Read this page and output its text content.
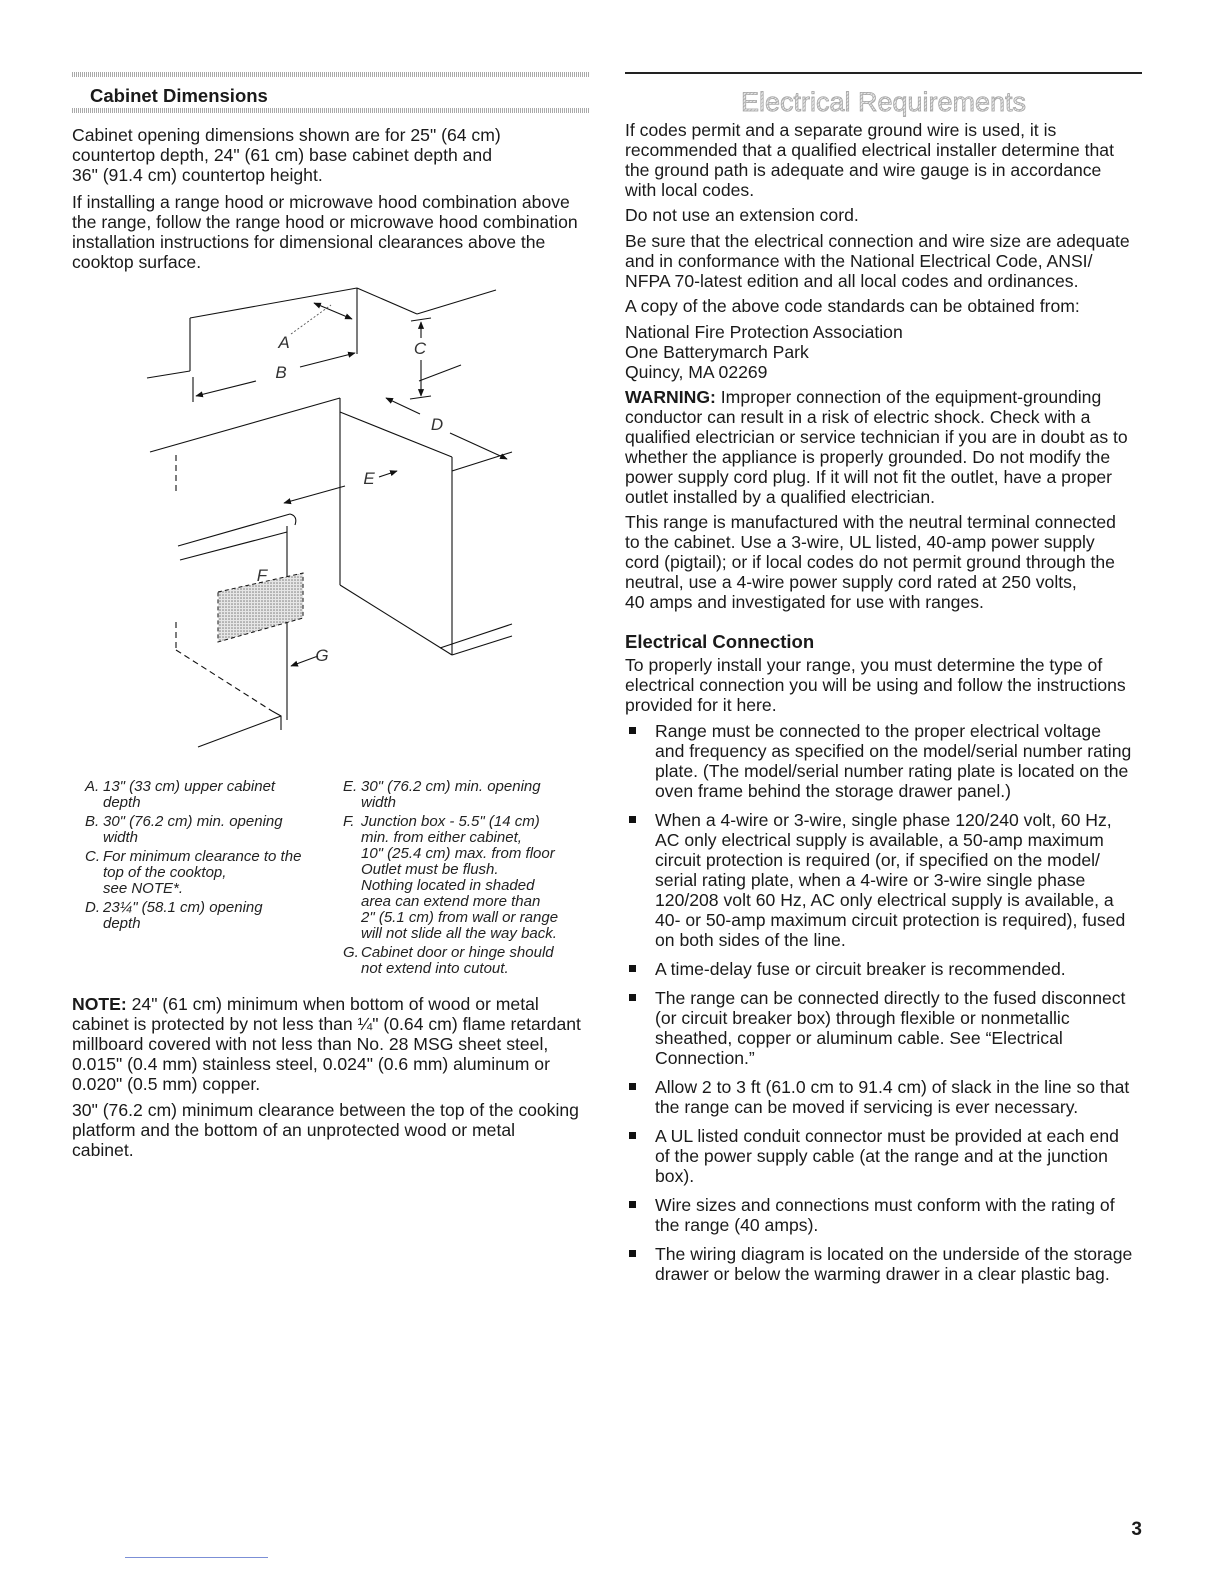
Cabinet Dimensions
Cabinet opening dimensions shown are for 25" (64 cm)
countertop depth, 24" (61 cm) base cabinet depth and
36" (91.4 cm) countertop height.
If installing a range hood or microwave hood combination above
the range, follow the range hood or microwave hood combination
installation instructions for dimensional clearances above the
cooktop surface.
A
B
C
D
E
F
G
A. 13" (33 cm) upper cabinet
depth
B. 30" (76.2 cm) min. opening
width
C. For minimum clearance to the
top of the cooktop,
see NOTE*.
D. 23¼" (58.1 cm) opening
depth
E. 30" (76.2 cm) min. opening
width
F. Junction box - 5.5" (14 cm)
min. from either cabinet,
10" (25.4 cm) max. from floor
Outlet must be flush.
Nothing located in shaded
area can extend more than
2" (5.1 cm) from wall or range
will not slide all the way back.
G. Cabinet door or hinge should
not extend into cutout.
NOTE: 24" (61 cm) minimum when bottom of wood or metal
cabinet is protected by not less than ¼" (0.64 cm) flame retardant
millboard covered with not less than No. 28 MSG sheet steel,
0.015" (0.4 mm) stainless steel, 0.024" (0.6 mm) aluminum or
0.020" (0.5 mm) copper.
30" (76.2 cm) minimum clearance between the top of the cooking
platform and the bottom of an unprotected wood or metal
cabinet.
Electrical Requirements
If codes permit and a separate ground wire is used, it is
recommended that a qualified electrical installer determine that
the ground path is adequate and wire gauge is in accordance
with local codes.
Do not use an extension cord.
Be sure that the electrical connection and wire size are adequate
and in conformance with the National Electrical Code, ANSI/
NFPA 70-latest edition and all local codes and ordinances.
A copy of the above code standards can be obtained from:
National Fire Protection Association
One Batterymarch Park
Quincy, MA 02269
WARNING: Improper connection of the equipment-grounding
conductor can result in a risk of electric shock. Check with a
qualified electrician or service technician if you are in doubt as to
whether the appliance is properly grounded. Do not modify the
power supply cord plug. If it will not fit the outlet, have a proper
outlet installed by a qualified electrician.
This range is manufactured with the neutral terminal connected
to the cabinet. Use a 3-wire, UL listed, 40-amp power supply
cord (pigtail); or if local codes do not permit ground through the
neutral, use a 4-wire power supply cord rated at 250 volts,
40 amps and investigated for use with ranges.
Electrical Connection
To properly install your range, you must determine the type of
electrical connection you will be using and follow the instructions
provided for it here.
Range must be connected to the proper electrical voltage
and frequency as specified on the model/serial number rating
plate. (The model/serial number rating plate is located on the
oven frame behind the storage drawer panel.)
When a 4-wire or 3-wire, single phase 120/240 volt, 60 Hz,
AC only electrical supply is available, a 50-amp maximum
circuit protection is required (or, if specified on the model/
serial rating plate, when a 4-wire or 3-wire single phase
120/208 volt 60 Hz, AC only electrical supply is available, a
40- or 50-amp maximum circuit protection is required), fused
on both sides of the line.
A time-delay fuse or circuit breaker is recommended.
The range can be connected directly to the fused disconnect
(or circuit breaker box) through flexible or nonmetallic
sheathed, copper or aluminum cable. See “Electrical
Connection.”
Allow 2 to 3 ft (61.0 cm to 91.4 cm) of slack in the line so that
the range can be moved if servicing is ever necessary.
A UL listed conduit connector must be provided at each end
of the power supply cable (at the range and at the junction
box).
Wire sizes and connections must conform with the rating of
the range (40 amps).
The wiring diagram is located on the underside of the storage
drawer or below the warming drawer in a clear plastic bag.
3
